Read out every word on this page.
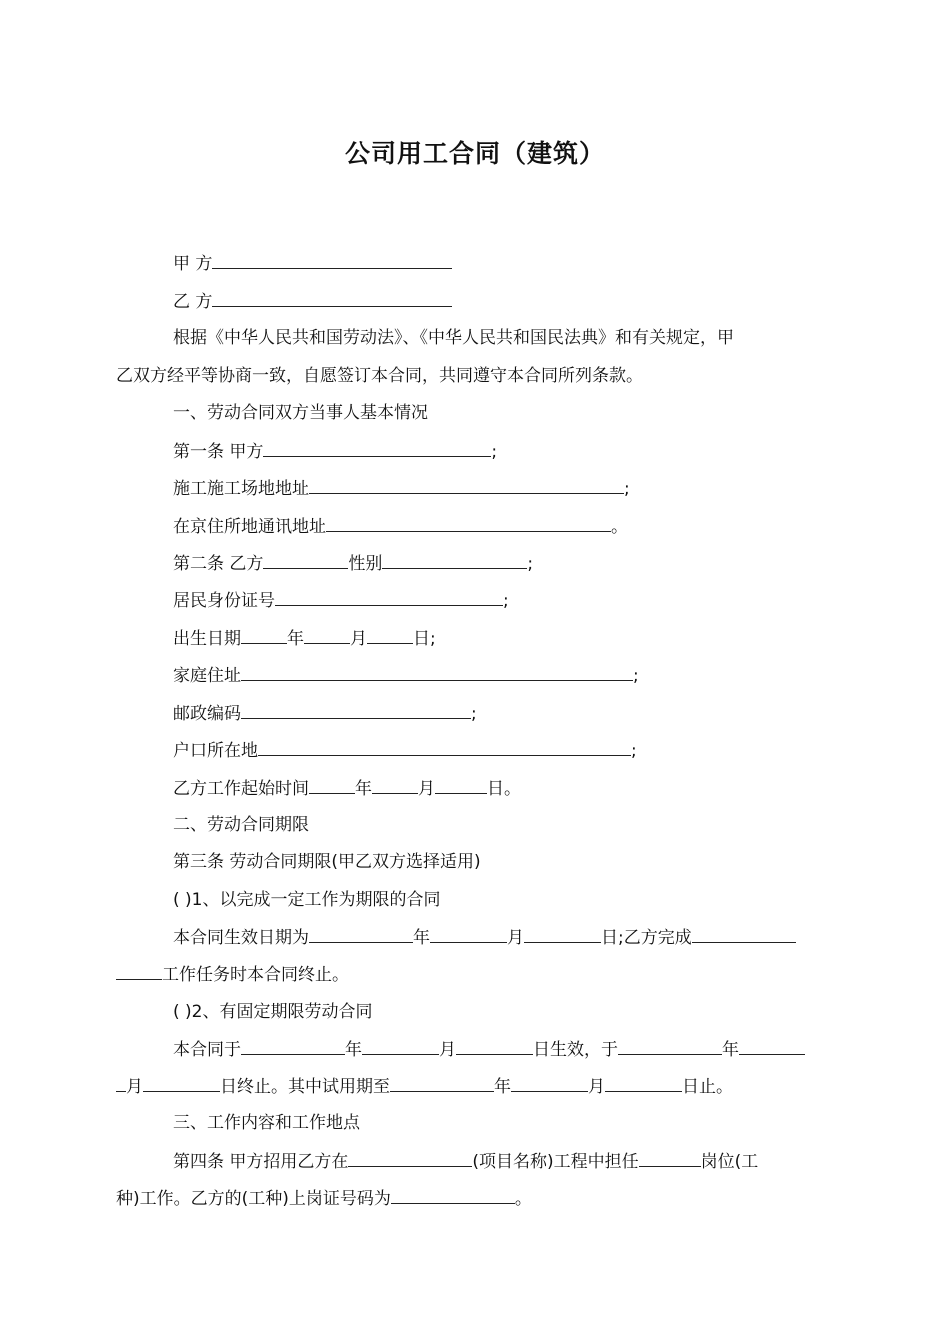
公司用工合同（建筑）
甲 方
乙 方
根据《中华人民共和国劳动法》、《中华人民共和国民法典》和有关规定，甲
乙双方经平等协商一致，自愿签订本合同，共同遵守本合同所列条款。
一、劳动合同双方当事人基本情况
第一条 甲方	;
施工施工场地地址	;
在京住所地通讯地址	。
第二条 乙方	性别	;
居民身份证号	;
出生日期	年	月	日;
家庭住址	;
邮政编码	;
户口所在地	;
乙方工作起始时间	年	月	日。
二、劳动合同期限
第三条 劳动合同期限(甲乙双方选择适用)
( )1、以完成一定工作为期限的合同
本合同生效日期为	年	月	日;乙方完成
工作任务时本合同终止。
( )2、有固定期限劳动合同
本合同于	年	月	日生效，于	年
月	日终止。其中试用期至	年	月	日止。
三、工作内容和工作地点
第四条 甲方招用乙方在	(项目名称)工程中担任	岗位(工
种)工作。乙方的(工种)上岗证号码为	。
